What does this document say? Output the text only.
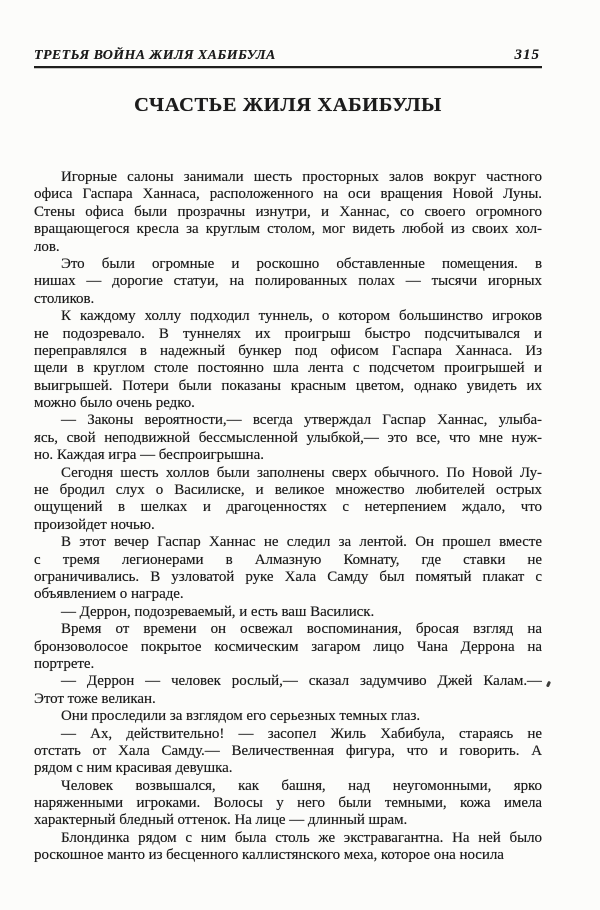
ТРЕТЬЯ ВОЙНА ЖИЛЯ ХАБИБУЛА	315
СЧАСТЬЕ ЖИЛЯ ХАБИБУЛЫ
Игорные салоны занимали шесть просторных залов вокруг частного
офиса Гаспара Ханнаса, расположенного на оси вращения Новой Луны.
Стены офиса были прозрачны изнутри, и Ханнас, со своего огромного
вращающегося кресла за круглым столом, мог видеть любой из своих хол-
лов.
Это были огромные и роскошно обставленные помещения. в
нишах — дорогие статуи, на полированных полах — тысячи игорных
столиков.
К каждому холлу подходил туннель, о котором большинство игроков
не подозревало. В туннелях их проигрыш быстро подсчитывался и
переправлялся в надежный бункер под офисом Гаспара Ханнаса. Из
щели в круглом столе постоянно шла лента с подсчетом проигрышей и
выигрышей. Потери были показаны красным цветом, однако увидеть их
можно было очень редко.
— Законы вероятности,— всегда утверждал Гаспар Ханнас, улыба-
ясь, свой неподвижной бессмысленной улыбкой,— это все, что мне нуж-
но. Каждая игра — беспроигрышна.
Сегодня шесть холлов были заполнены сверх обычного. По Новой Лу-
не бродил слух о Василиске, и великое множество любителей острых
ощущений в шелках и драгоценностях с нетерпением ждало, что
произойдет ночью.
В этот вечер Гаспар Ханнас не следил за лентой. Он прошел вместе
с тремя легионерами в Алмазную Комнату, где ставки не
ограничивались. В узловатой руке Хала Самду был помятый плакат с
объявлением о награде.
— Деррон, подозреваемый, и есть ваш Василиск.
Время от времени он освежал воспоминания, бросая взгляд на
бронзоволосое покрытое космическим загаром лицо Чана Деррона на
портрете.
— Деррон — человек рослый,— сказал задумчиво Джей Калам.—
Этот тоже великан.
Они проследили за взглядом его серьезных темных глаз.
— Ах, действительно! — засопел Жиль Хабибула, стараясь не
отстать от Хала Самду.— Величественная фигура, что и говорить. А
рядом с ним красивая девушка.
Человек возвышался, как башня, над неугомонными, ярко
наряженными игроками. Волосы у него были темными, кожа имела
характерный бледный оттенок. На лице — длинный шрам.
Блондинка рядом с ним была столь же экстравагантна. На ней было
роскошное манто из бесценного каллистянского меха, которое она носила
